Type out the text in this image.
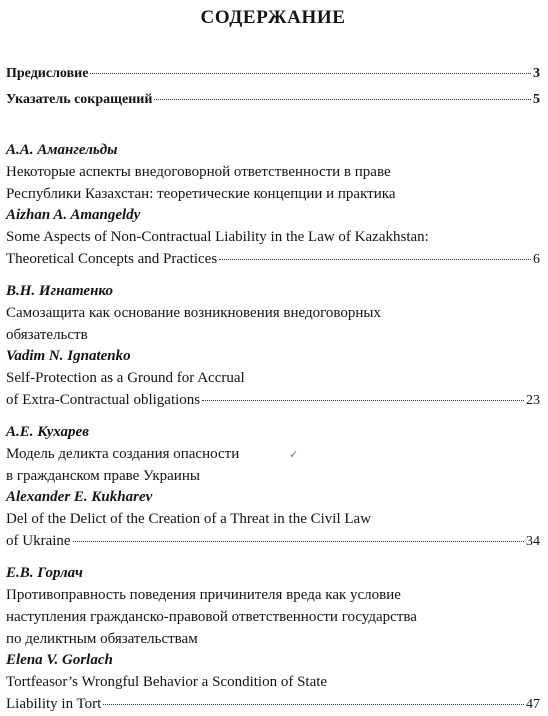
СОДЕРЖАНИЕ
Предисловие	3
Указатель сокращений	5
А.А. Амангельды
Некоторые аспекты внедоговорной ответственности в праве
Республики Казахстан: теоретические концепции и практика
Aizhan A. Amangeldy
Some Aspects of Non-Contractual Liability in the Law of Kazakhstan:
Theoretical Concepts and Practices	6
В.Н. Игнатенко
Самозащита как основание возникновения внедоговорных
обязательств
Vadim N. Ignatenko
Self-Protection as a Ground for Accrual
of Extra-Contractual obligations	23
А.Е. Кухарев
Модель деликта создания опасности
в гражданском праве Украины
Alexander E. Kukharev
Del of the Delict of the Creation of a Threat in the Civil Law
of Ukraine	34
Е.В. Горлач
Противоправность поведения причинителя вреда как условие
наступления гражданско-правовой ответственности государства
по деликтным обязательствам
Elena V. Gorlach
Tortfeasor’s Wrongful Behavior a Scondition of State
Liability in Tort	47
✓
